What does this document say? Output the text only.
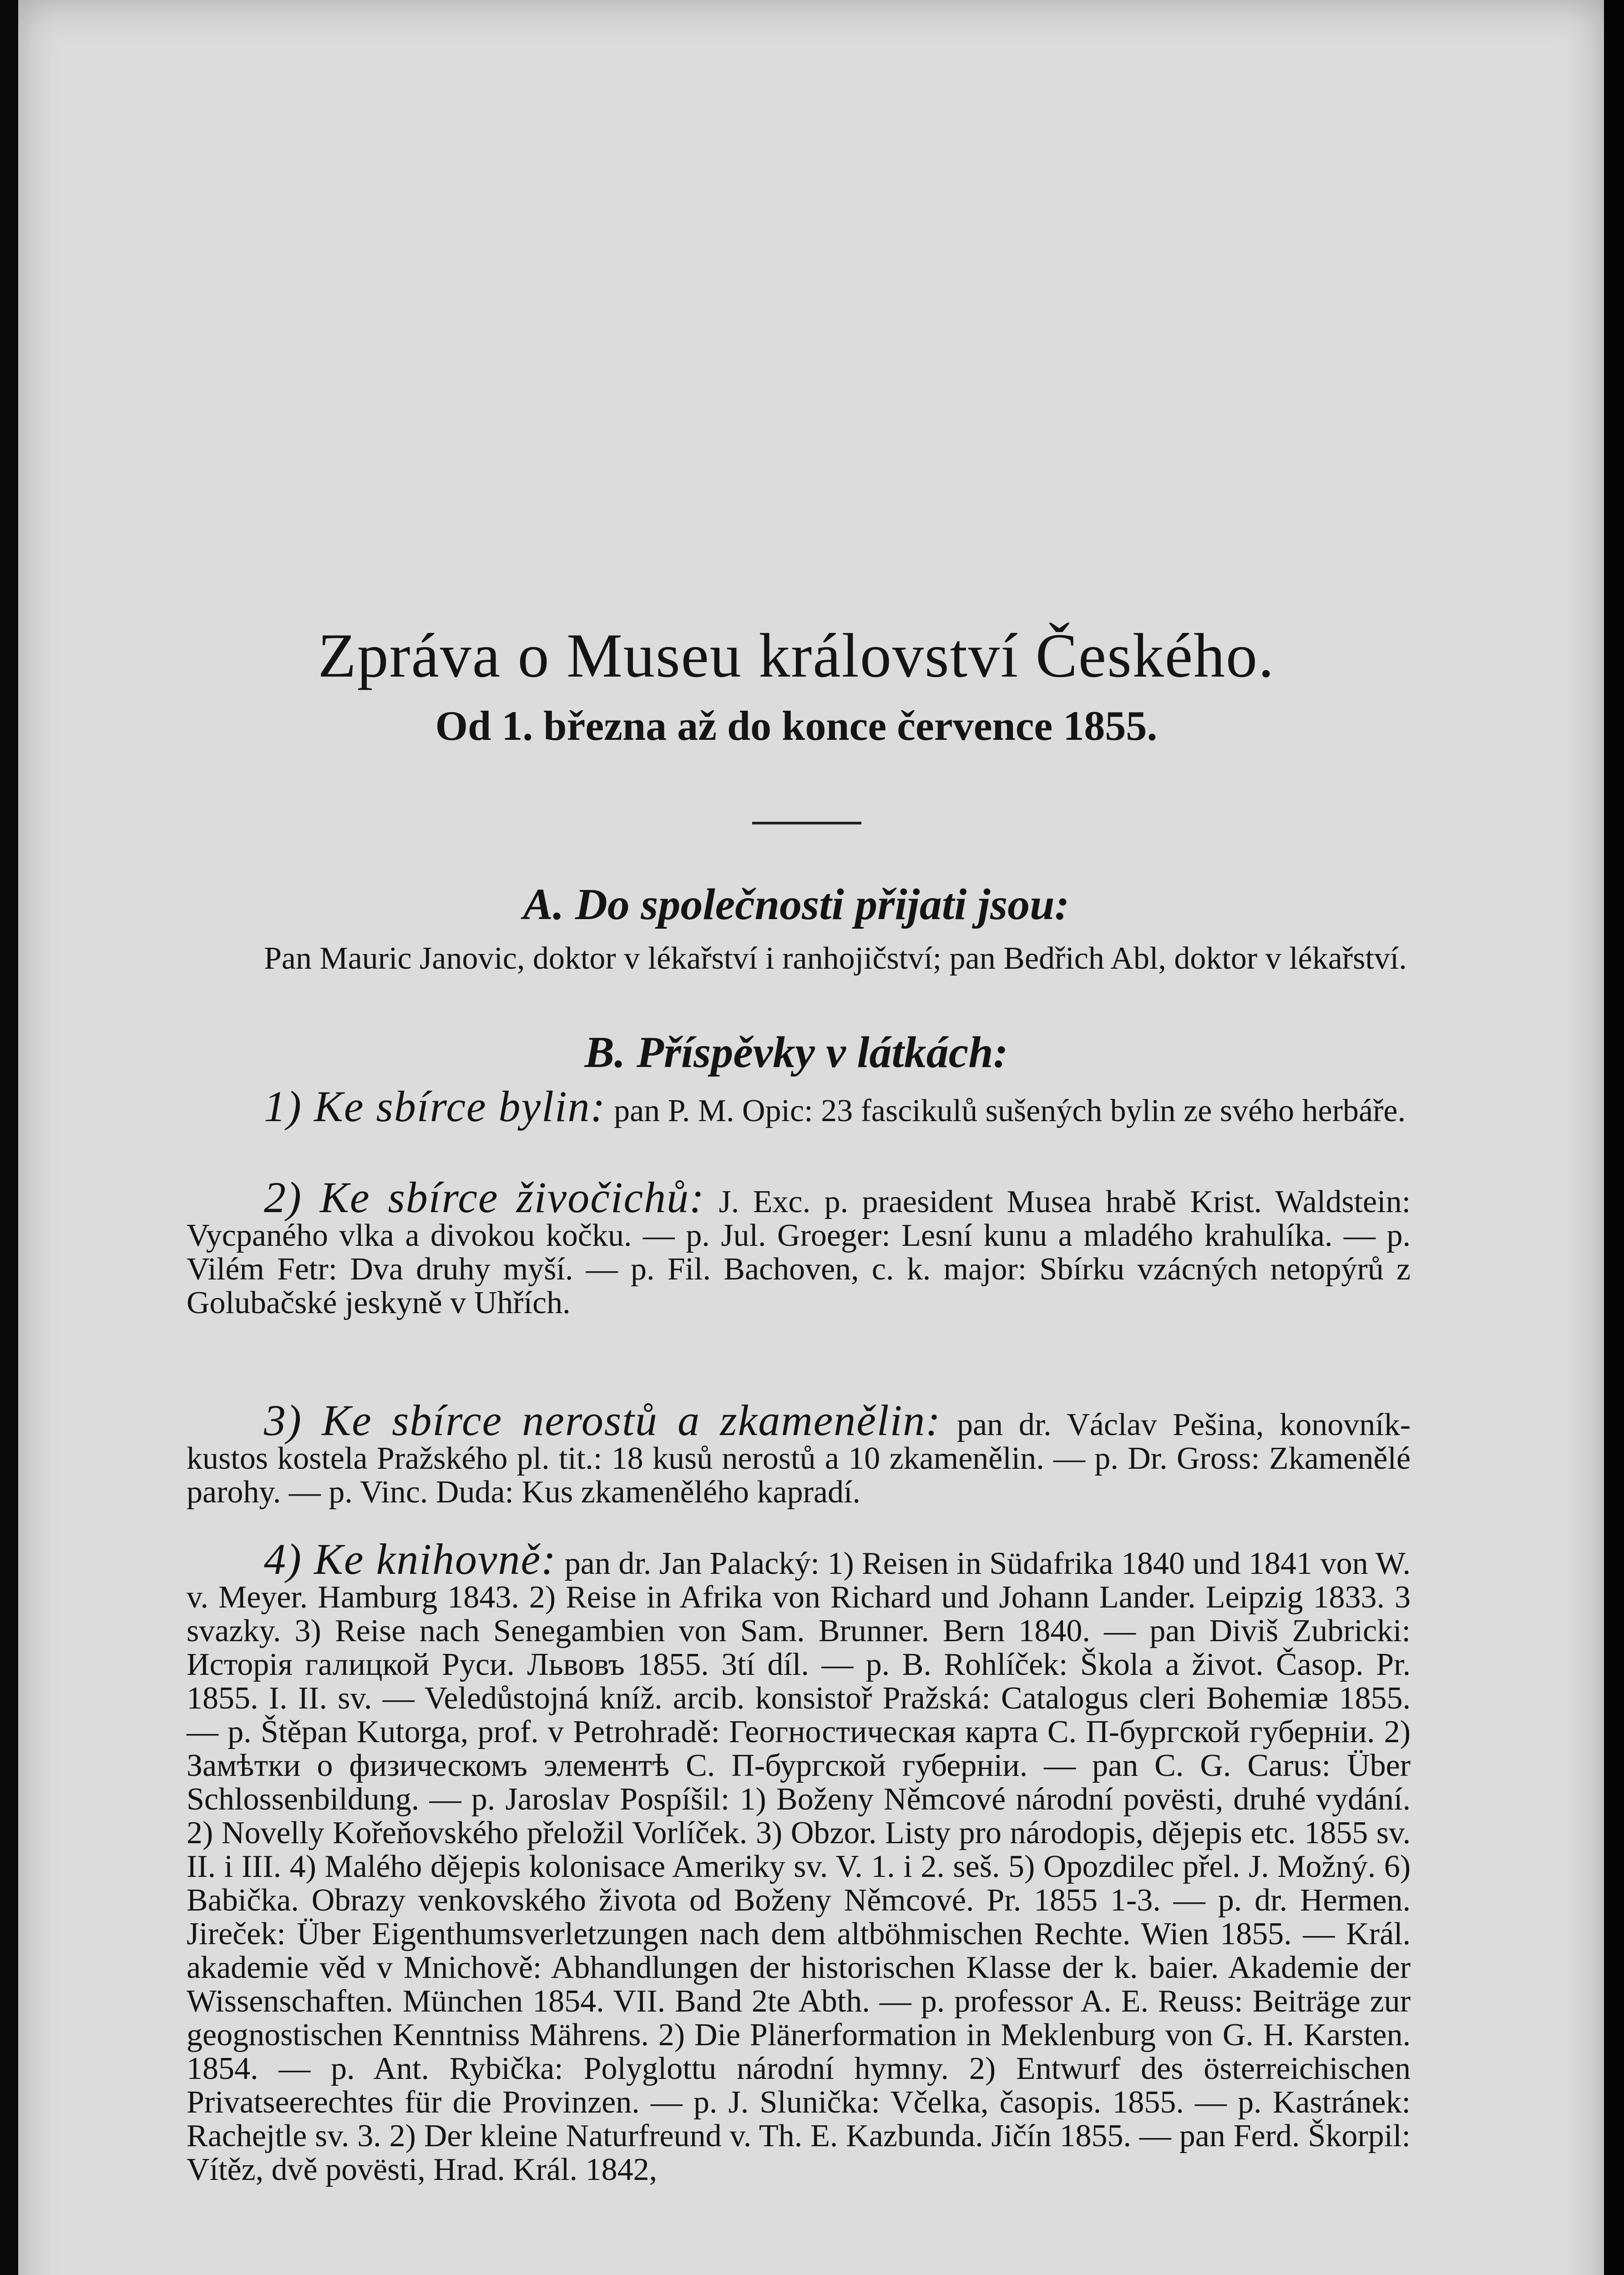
Zpráva o Museu království Českého.
Od 1. března až do konce července 1855.
A. Do společnosti přijati jsou:

Pan Mauric Janovic, doktor v lékařství i ranhojičství; pan Bedřich Abl, doktor v lékařství.

B. Příspěvky v látkách:

1) Ke sbírce bylin: pan P. M. Opic: 23 fascikulů sušených bylin ze svého herbáře.

2) Ke sbírce živočichů: J. Exc. p. praesident Musea hrabě Krist. Waldstein: Vycpaného vlka a divokou kočku. — p. Jul. Groeger: Lesní kunu a mladého krahulíka. — p. Vilém Fetr: Dva druhy myší. — p. Fil. Bachoven, c. k. major: Sbírku vzácných netopýrů z Golubačské jeskyně v Uhřích.

3) Ke sbírce nerostů a zkamenělin: pan dr. Václav Pešina, konovník-kustos kostela Pražského pl. tit.: 18 kusů nerostů a 10 zkamenělin. — p. Dr. Gross: Zkamenělé parohy. — p. Vinc. Duda: Kus zkamenělého kapradí.

4) Ke knihovně: pan dr. Jan Palacký: 1) Reisen in Südafrika 1840 und 1841 von W. v. Meyer. Hamburg 1843. 2) Reise in Afrika von Richard und Johann Lander. Leipzig 1833. 3 svazky. 3) Reise nach Senegambien von Sam. Brunner. Bern 1840. — pan Diviš Zubricki: Исторія галицкой Руси. Львовъ 1855. 3tí díl. — p. B. Rohlíček: Škola a život. Časop. Pr. 1855. I. II. sv. — Veledůstojná kníž. arcib. konsistoř Pražská: Catalogus cleri Bohemiæ 1855. — p. Štěpan Kutorga, prof. v Petrohradě: Геогностическая карта С. П-бургской губерніи. 2) Замѣтки о физическомъ элементѣ С. П-бургской губерніи. — pan C. G. Carus: Über Schlossenbildung. — p. Jaroslav Pospíšil: 1) Boženy Němcové národní povësti, druhé vydání. 2) Novelly Kořeňovského přeložil Vorlíček. 3) Obzor. Listy pro národopis, dějepis etc. 1855 sv. II. i III. 4) Malého dějepis kolonisace Ameriky sv. V. 1. i 2. seš. 5) Opozdilec přel. J. Možný. 6) Babička. Obrazy venkovského života od Boženy Němcové. Pr. 1855 1-3. — p. dr. Hermen. Jireček: Über Eigenthumsverletzungen nach dem altböhmischen Rechte. Wien 1855. — Král. akademie věd v Mnichově: Abhandlungen der historischen Klasse der k. baier. Akademie der Wissenschaften. München 1854. VII. Band 2te Abth. — p. professor A. E. Reuss: Beiträge zur geognostischen Kenntniss Mährens. 2) Die Plänerformation in Meklenburg von G. H. Karsten. 1854. — p. Ant. Rybička: Polyglottu národní hymny. 2) Entwurf des österreichischen Privatseerechtes für die Provinzen. — p. J. Slunička: Včelka, časopis. 1855. — p. Kastránek: Rachejtle sv. 3. 2) Der kleine Naturfreund v. Th. E. Kazbunda. Jičín 1855. — pan Ferd. Škorpil: Vítěz, dvě povësti, Hrad. Král. 1842,
